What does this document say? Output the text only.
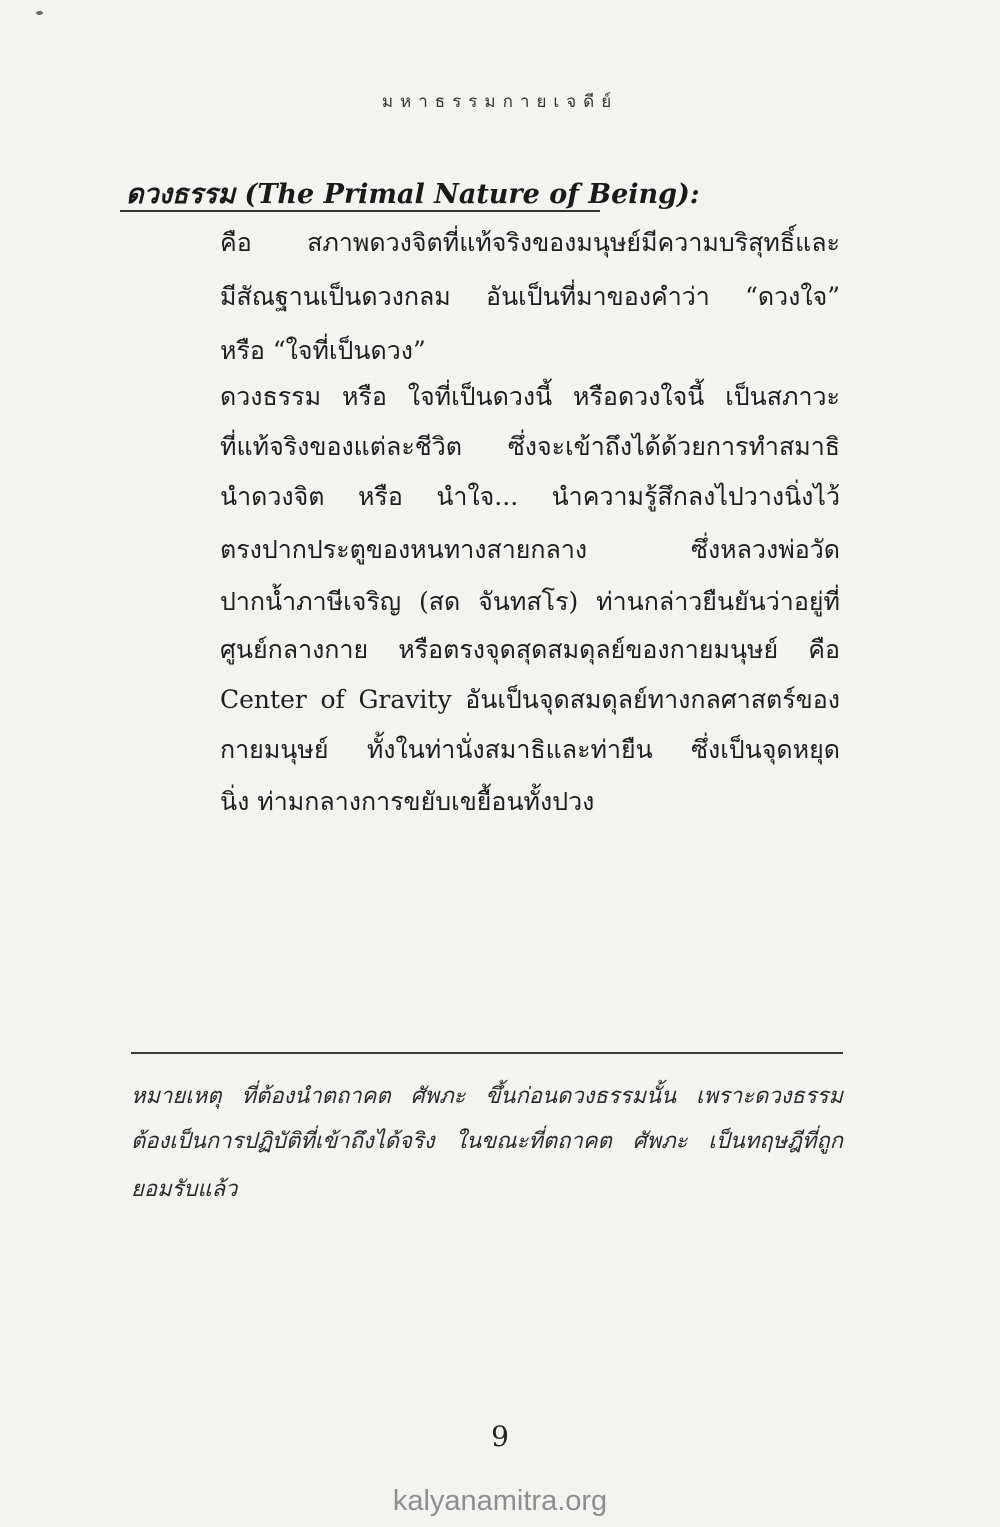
มหาธรรมกายเจดีย์
ดวงธรรม (The Primal Nature of Being):
คือ สภาพดวงจิตที่แท้จริงของมนุษย์มีความบริสุทธิ์และ
มีสัณฐานเป็นดวงกลม อันเป็นที่มาของคำว่า “ดวงใจ”
หรือ “ใจที่เป็นดวง”
ดวงธรรม หรือ ใจที่เป็นดวงนี้ หรือดวงใจนี้ เป็นสภาวะ
ที่แท้จริงของแต่ละชีวิต ซึ่งจะเข้าถึงได้ด้วยการทำสมาธิ
นำดวงจิต หรือ นำใจ... นำความรู้สึกลงไปวางนิ่งไว้
ตรงปากประตูของหนทางสายกลาง ซึ่งหลวงพ่อวัด
ปากน้ำภาษีเจริญ (สด จันทสโร) ท่านกล่าวยืนยันว่าอยู่ที่
ศูนย์กลางกาย หรือตรงจุดสุดสมดุลย์ของกายมนุษย์ คือ
Center of Gravity อันเป็นจุดสมดุลย์ทางกลศาสตร์ของ
กายมนุษย์ ทั้งในท่านั่งสมาธิและท่ายืน ซึ่งเป็นจุดหยุด
นิ่ง ท่ามกลางการขยับเขยื้อนทั้งปวง
หมายเหตุ ที่ต้องนำตถาคต ศัพภะ ขึ้นก่อนดวงธรรมนั้น เพราะดวงธรรม
ต้องเป็นการปฏิบัติที่เข้าถึงได้จริง ในขณะที่ตถาคต ศัพภะ เป็นทฤษฎีที่ถูก
ยอมรับแล้ว
9
kalyanamitra.org
